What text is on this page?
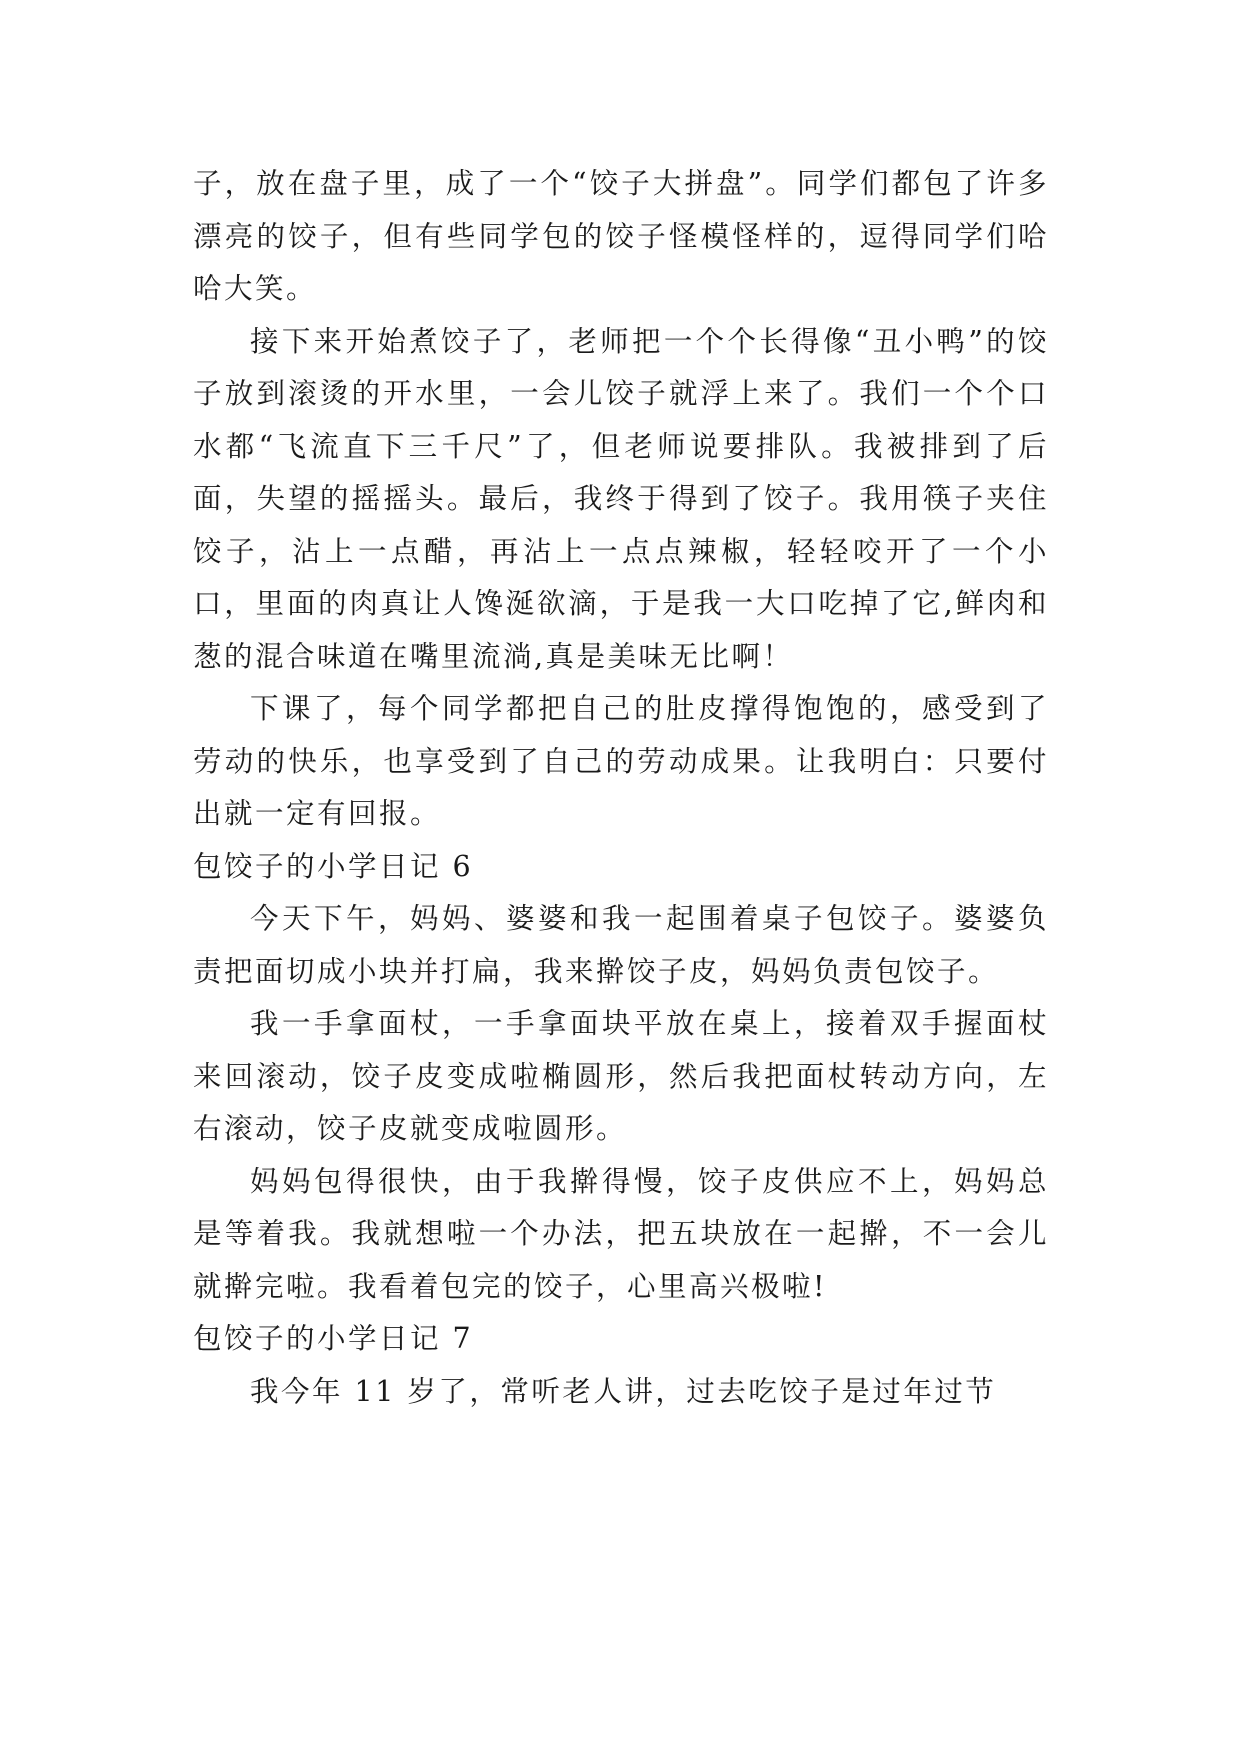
子，放在盘子里，成了一个“饺子大拼盘”。同学们都包了许多漂亮的饺子，但有些同学包的饺子怪模怪样的，逗得同学们哈哈大笑。

接下来开始煮饺子了，老师把一个个长得像“丑小鸭”的饺子放到滚烫的开水里，一会儿饺子就浮上来了。我们一个个口水都“飞流直下三千尺”了，但老师说要排队。我被排到了后面，失望的摇摇头。最后，我终于得到了饺子。我用筷子夹住饺子，沾上一点醋，再沾上一点点辣椒，轻轻咬开了一个小口，里面的肉真让人馋涎欲滴，于是我一大口吃掉了它,鲜肉和葱的混合味道在嘴里流淌,真是美味无比啊！

下课了，每个同学都把自己的肚皮撑得饱饱的，感受到了劳动的快乐，也享受到了自己的劳动成果。让我明白：只要付出就一定有回报。

包饺子的小学日记 6

今天下午，妈妈、婆婆和我一起围着桌子包饺子。婆婆负责把面切成小块并打扁，我来擀饺子皮，妈妈负责包饺子。

我一手拿面杖，一手拿面块平放在桌上，接着双手握面杖来回滚动，饺子皮变成啦椭圆形，然后我把面杖转动方向，左右滚动，饺子皮就变成啦圆形。

妈妈包得很快，由于我擀得慢，饺子皮供应不上，妈妈总是等着我。我就想啦一个办法，把五块放在一起擀，不一会儿就擀完啦。我看着包完的饺子，心里高兴极啦!

包饺子的小学日记 7

我今年 11 岁了，常听老人讲，过去吃饺子是过年过节
